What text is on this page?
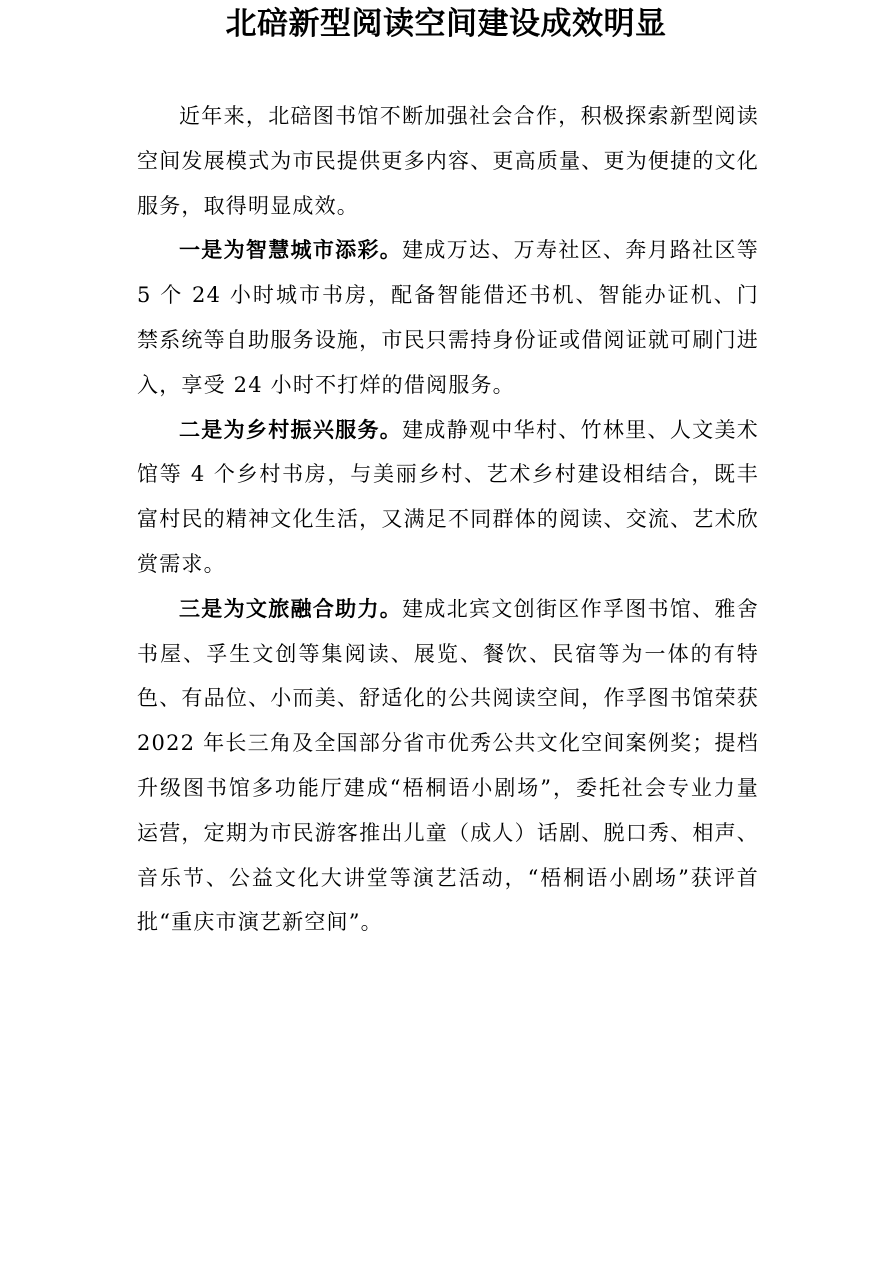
北碚新型阅读空间建设成效明显

近年来，北碚图书馆不断加强社会合作，积极探索新型阅读空间发展模式为市民提供更多内容、更高质量、更为便捷的文化服务，取得明显成效。

一是为智慧城市添彩。建成万达、万寿社区、奔月路社区等 5 个 24 小时城市书房，配备智能借还书机、智能办证机、门禁系统等自助服务设施，市民只需持身份证或借阅证就可刷门进入，享受 24 小时不打烊的借阅服务。

二是为乡村振兴服务。建成静观中华村、竹林里、人文美术馆等 4 个乡村书房，与美丽乡村、艺术乡村建设相结合，既丰富村民的精神文化生活，又满足不同群体的阅读、交流、艺术欣赏需求。

三是为文旅融合助力。建成北宾文创街区作孚图书馆、雅舍书屋、孚生文创等集阅读、展览、餐饮、民宿等为一体的有特色、有品位、小而美、舒适化的公共阅读空间，作孚图书馆荣获 2022 年长三角及全国部分省市优秀公共文化空间案例奖；提档升级图书馆多功能厅建成“梧桐语小剧场”，委托社会专业力量运营，定期为市民游客推出儿童（成人）话剧、脱口秀、相声、音乐节、公益文化大讲堂等演艺活动，“梧桐语小剧场”获评首批“重庆市演艺新空间”。
